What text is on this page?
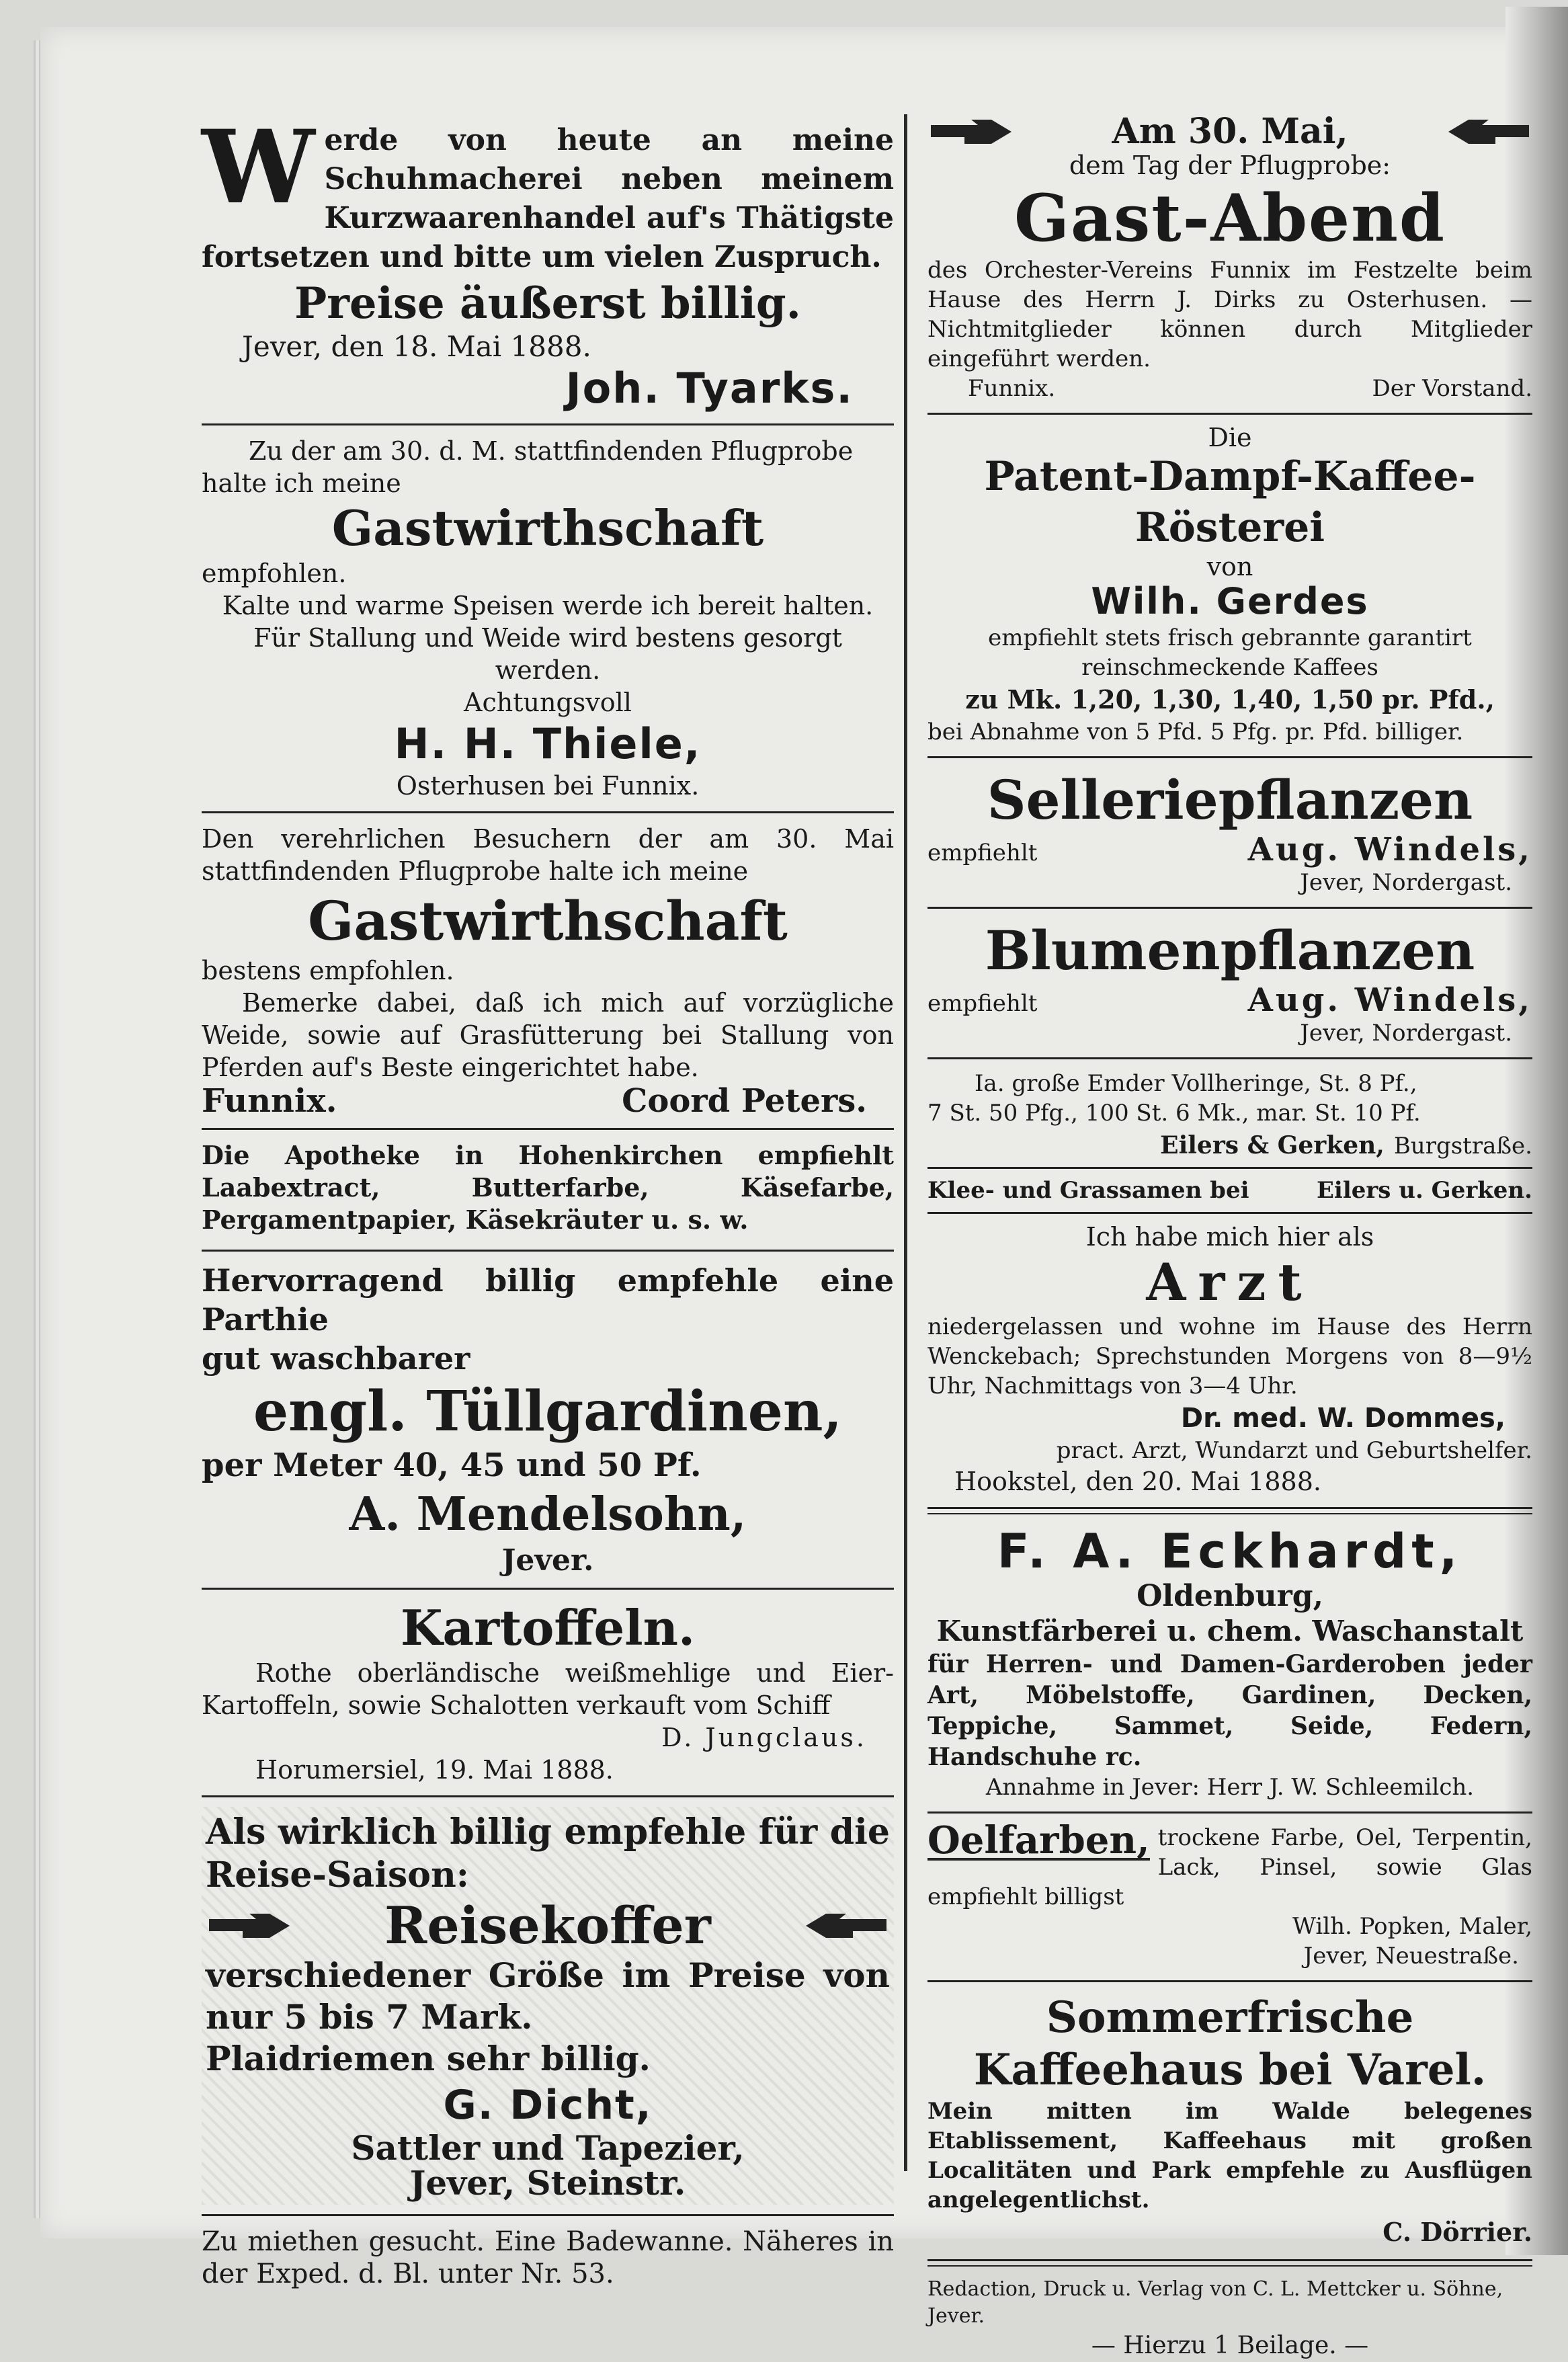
W erde von heute an meine Schuhmacherei neben meinem Kurzwaarenhandel auf's Thätigste fortsetzen und bitte um vielen Zuspruch.

Preise äußerst billig.

Jever, den 18. Mai 1888.

Joh. Tyarks.

Zu der am 30. d. M. stattfindenden Pflugprobe

halte ich meine

Gastwirthschaft

empfohlen.

Kalte und warme Speisen werde ich bereit halten.

Für Stallung und Weide wird bestens gesorgt werden.

Achtungsvoll

H. H. Thiele,

Osterhusen bei Funnix.

Den verehrlichen Besuchern der am 30. Mai stattfindenden Pflugprobe halte ich meine

Gastwirthschaft

bestens empfohlen.

Bemerke dabei, daß ich mich auf vorzügliche Weide, sowie auf Grasfütterung bei Stallung von Pferden auf's Beste eingerichtet habe.

Funnix.	Coord Peters.

Die Apotheke in Hohenkirchen empfiehlt Laabextract, Butterfarbe, Käsefarbe, Pergamentpapier, Käsekräuter u. s. w.

Hervorragend billig empfehle eine Parthie

gut waschbarer

engl. Tüllgardinen,

per Meter 40, 45 und 50 Pf.

A. Mendelsohn,

Jever.

Kartoffeln.

Rothe oberländische weißmehlige und Eier-Kartoffeln, sowie Schalotten verkauft vom Schiff

D. Jungclaus.

Horumersiel, 19. Mai 1888.

Als wirklich billig empfehle für die Reise-Saison:

Reisekoffer

verschiedener Größe im Preise von nur 5 bis 7 Mark.

Plaidriemen sehr billig.

G. Dicht,

Sattler und Tapezier,

Jever, Steinstr.

Zu miethen gesucht. Eine Badewanne. Näheres in der Exped. d. Bl. unter Nr. 53.

Am 30. Mai,

dem Tag der Pflugprobe:

Gast-Abend

des Orchester-Vereins Funnix im Festzelte beim Hause des Herrn J. Dirks zu Osterhusen. — Nichtmitglieder können durch Mitglieder eingeführt werden.

Funnix.	Der Vorstand.

Die

Patent-Dampf-Kaffee-Rösterei

von

Wilh. Gerdes

empfiehlt stets frisch gebrannte garantirt reinschmeckende Kaffees

zu Mk. 1,20, 1,30, 1,40, 1,50 pr. Pfd.,

bei Abnahme von 5 Pfd. 5 Pfg. pr. Pfd. billiger.

Selleriepflanzen

empfiehlt	Aug. Windels,

Jever, Nordergast.

Blumenpflanzen

empfiehlt	Aug. Windels,

Jever, Nordergast.

Ia. große Emder Vollheringe, St. 8 Pf.,

7 St. 50 Pfg., 100 St. 6 Mk., mar. St. 10 Pf.

Eilers & Gerken, Burgstraße.
Klee- und Grassamen bei	Eilers u. Gerken.

Ich habe mich hier als

Arzt

niedergelassen und wohne im Hause des Herrn Wenckebach; Sprechstunden Morgens von 8—9½ Uhr, Nachmittags von 3—4 Uhr.

Dr. med. W. Dommes,

pract. Arzt, Wundarzt und Geburtshelfer.

Hookstel, den 20. Mai 1888.

F. A. Eckhardt,

Oldenburg,

Kunstfärberei u. chem. Waschanstalt

für Herren- und Damen-Garderoben jeder Art, Möbelstoffe, Gardinen, Decken, Teppiche, Sammet, Seide, Federn, Handschuhe rc.

Annahme in Jever: Herr J. W. Schleemilch.

Oelfarben, trockene Farbe, Oel, Terpentin, Lack, Pinsel, sowie Glas empfiehlt billigst

Wilh. Popken, Maler,

Jever, Neuestraße.

Sommerfrische

Kaffeehaus bei Varel.

Mein mitten im Walde belegenes Etablissement, Kaffeehaus mit großen Localitäten und Park empfehle zu Ausflügen angelegentlichst.

C. Dörrier.

Redaction, Druck u. Verlag von C. L. Mettcker u. Söhne, Jever.

— Hierzu 1 Beilage. —
